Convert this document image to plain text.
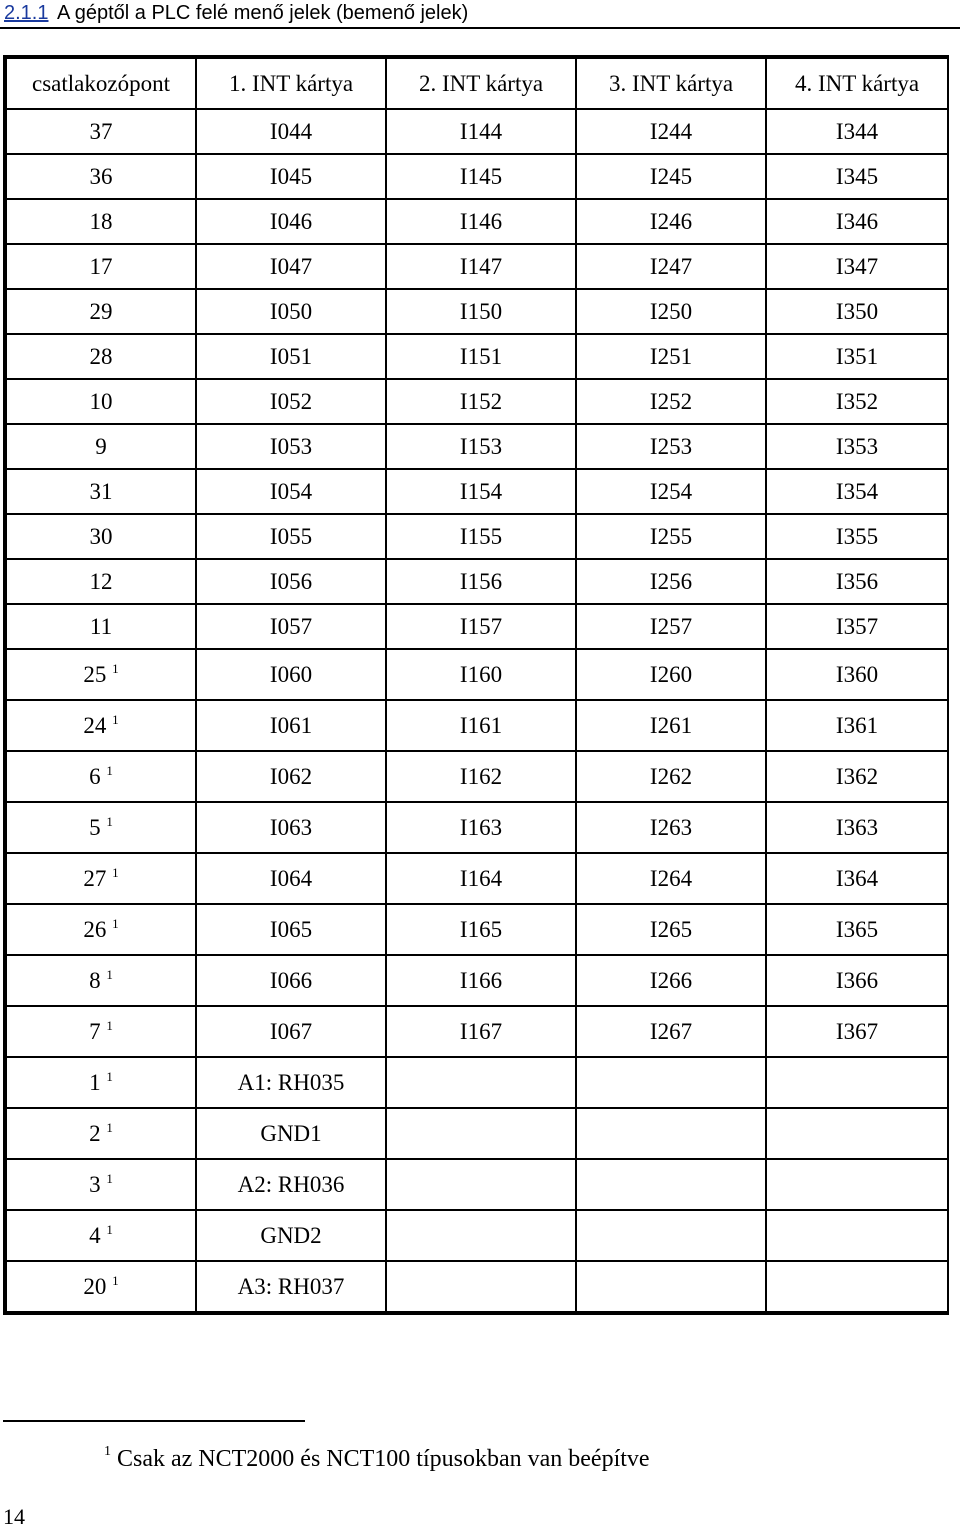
2.1.1 A géptől a PLC felé menő jelek (bemenő jelek)
csatlakozópont	1. INT kártya	2. INT kártya	3. INT kártya	4. INT kártya
37	I044	I144	I244	I344
36	I045	I145	I245	I345
18	I046	I146	I246	I346
17	I047	I147	I247	I347
29	I050	I150	I250	I350
28	I051	I151	I251	I351
10	I052	I152	I252	I352
9	I053	I153	I253	I353
31	I054	I154	I254	I354
30	I055	I155	I255	I355
12	I056	I156	I256	I356
11	I057	I157	I257	I357
25 $^1$	I060	I160	I260	I360
24 $^1$	I061	I161	I261	I361
6 $^1$	I062	I162	I262	I362
5 $^1$	I063	I163	I263	I363
27 $^1$	I064	I164	I264	I364
26 $^1$	I065	I165	I265	I365
8 $^1$	I066	I166	I266	I366
7 $^1$	I067	I167	I267	I367
1 $^1$	A1: RH035			
2 $^1$	GND1			
3 $^1$	A2: RH036			
4 $^1$	GND2			
20 $^1$	A3: RH037			
$^1$ Csak az NCT2000 és NCT100 típusokban van beépítve
14
